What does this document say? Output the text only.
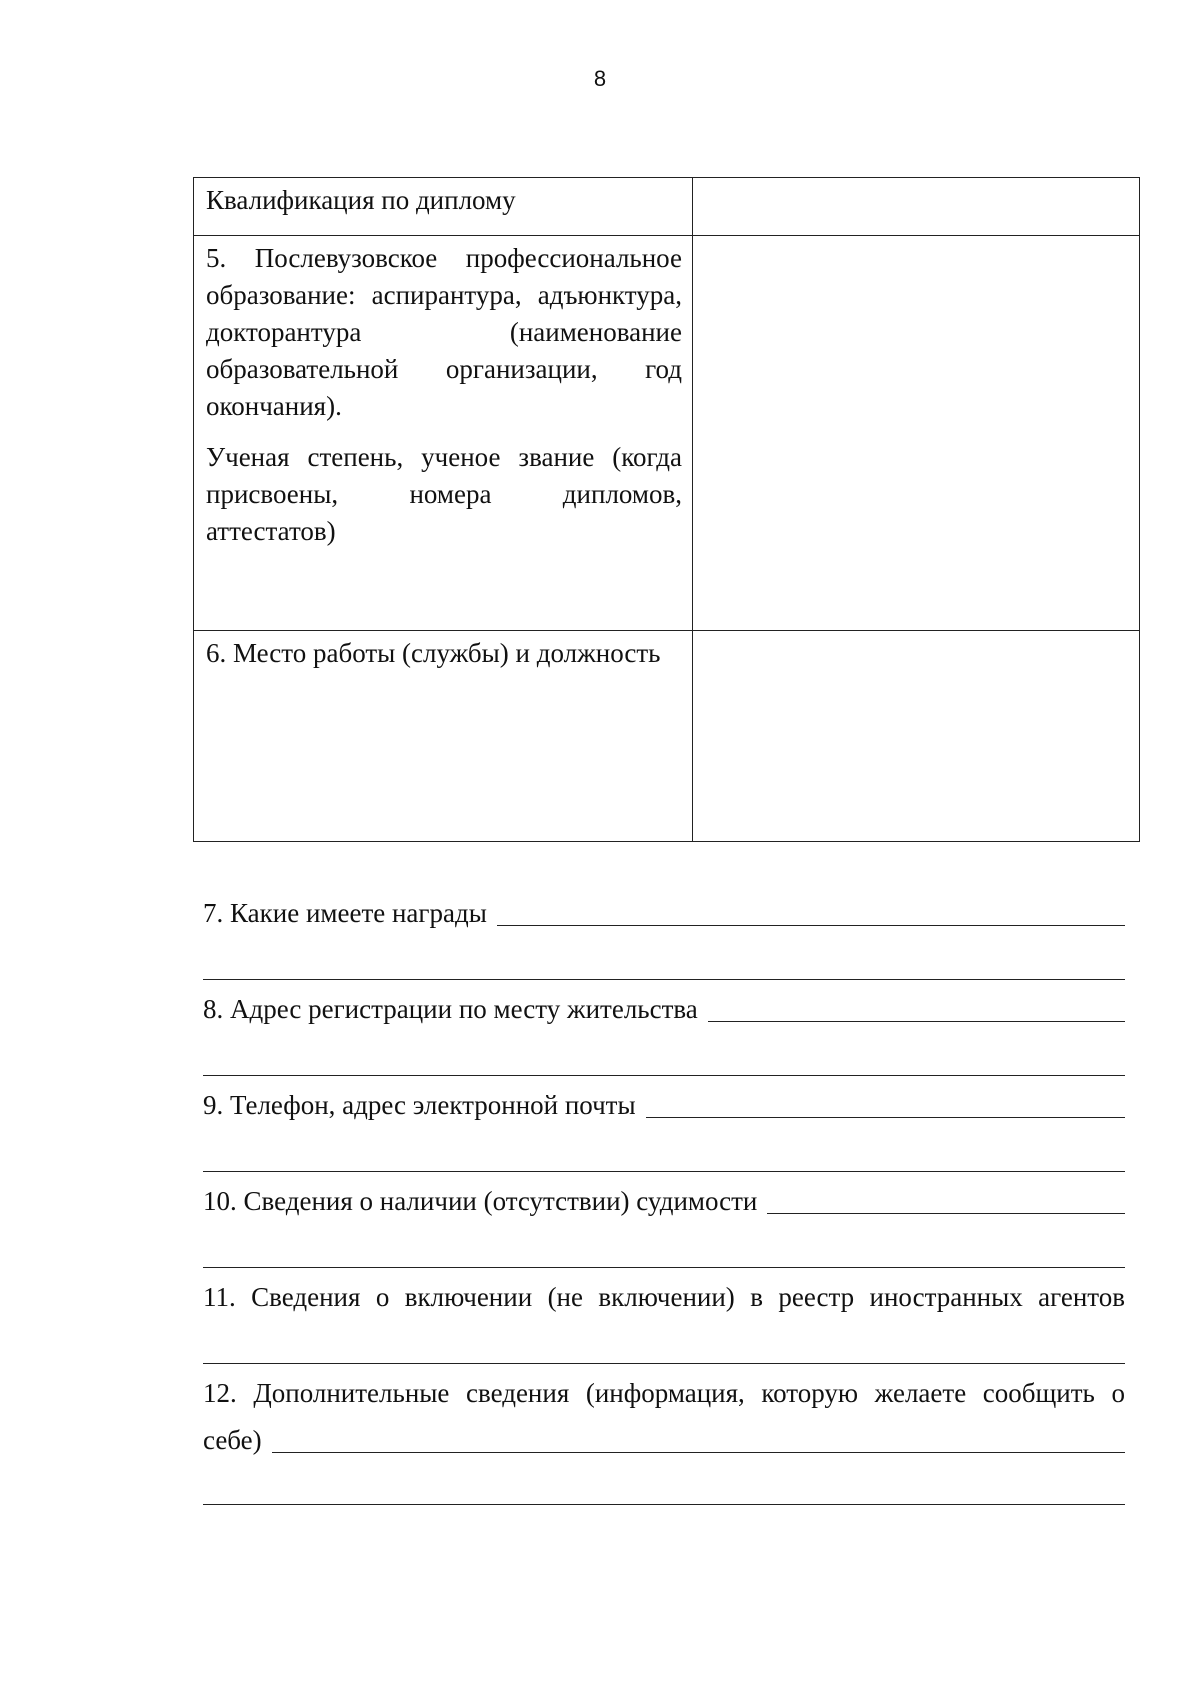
8

Квалификация по диплому	

5. Послевузовское профессиональное образование: аспирантура, адъюнктура, докторантура (наименование образовательной организации, год окончания).

Ученая степень, ученое звание (когда присвоены, номера дипломов, аттестатов)	

6. Место работы (службы) и должность	

7. Какие имеете награды
8. Адрес регистрации по месту жительства
9. Телефон, адрес электронной почты
10. Сведения о наличии (отсутствии) судимости
11. Сведения о включении (не включении) в реестр иностранных агентов
12. Дополнительные сведения (информация, которую желаете сообщить о
себе)
